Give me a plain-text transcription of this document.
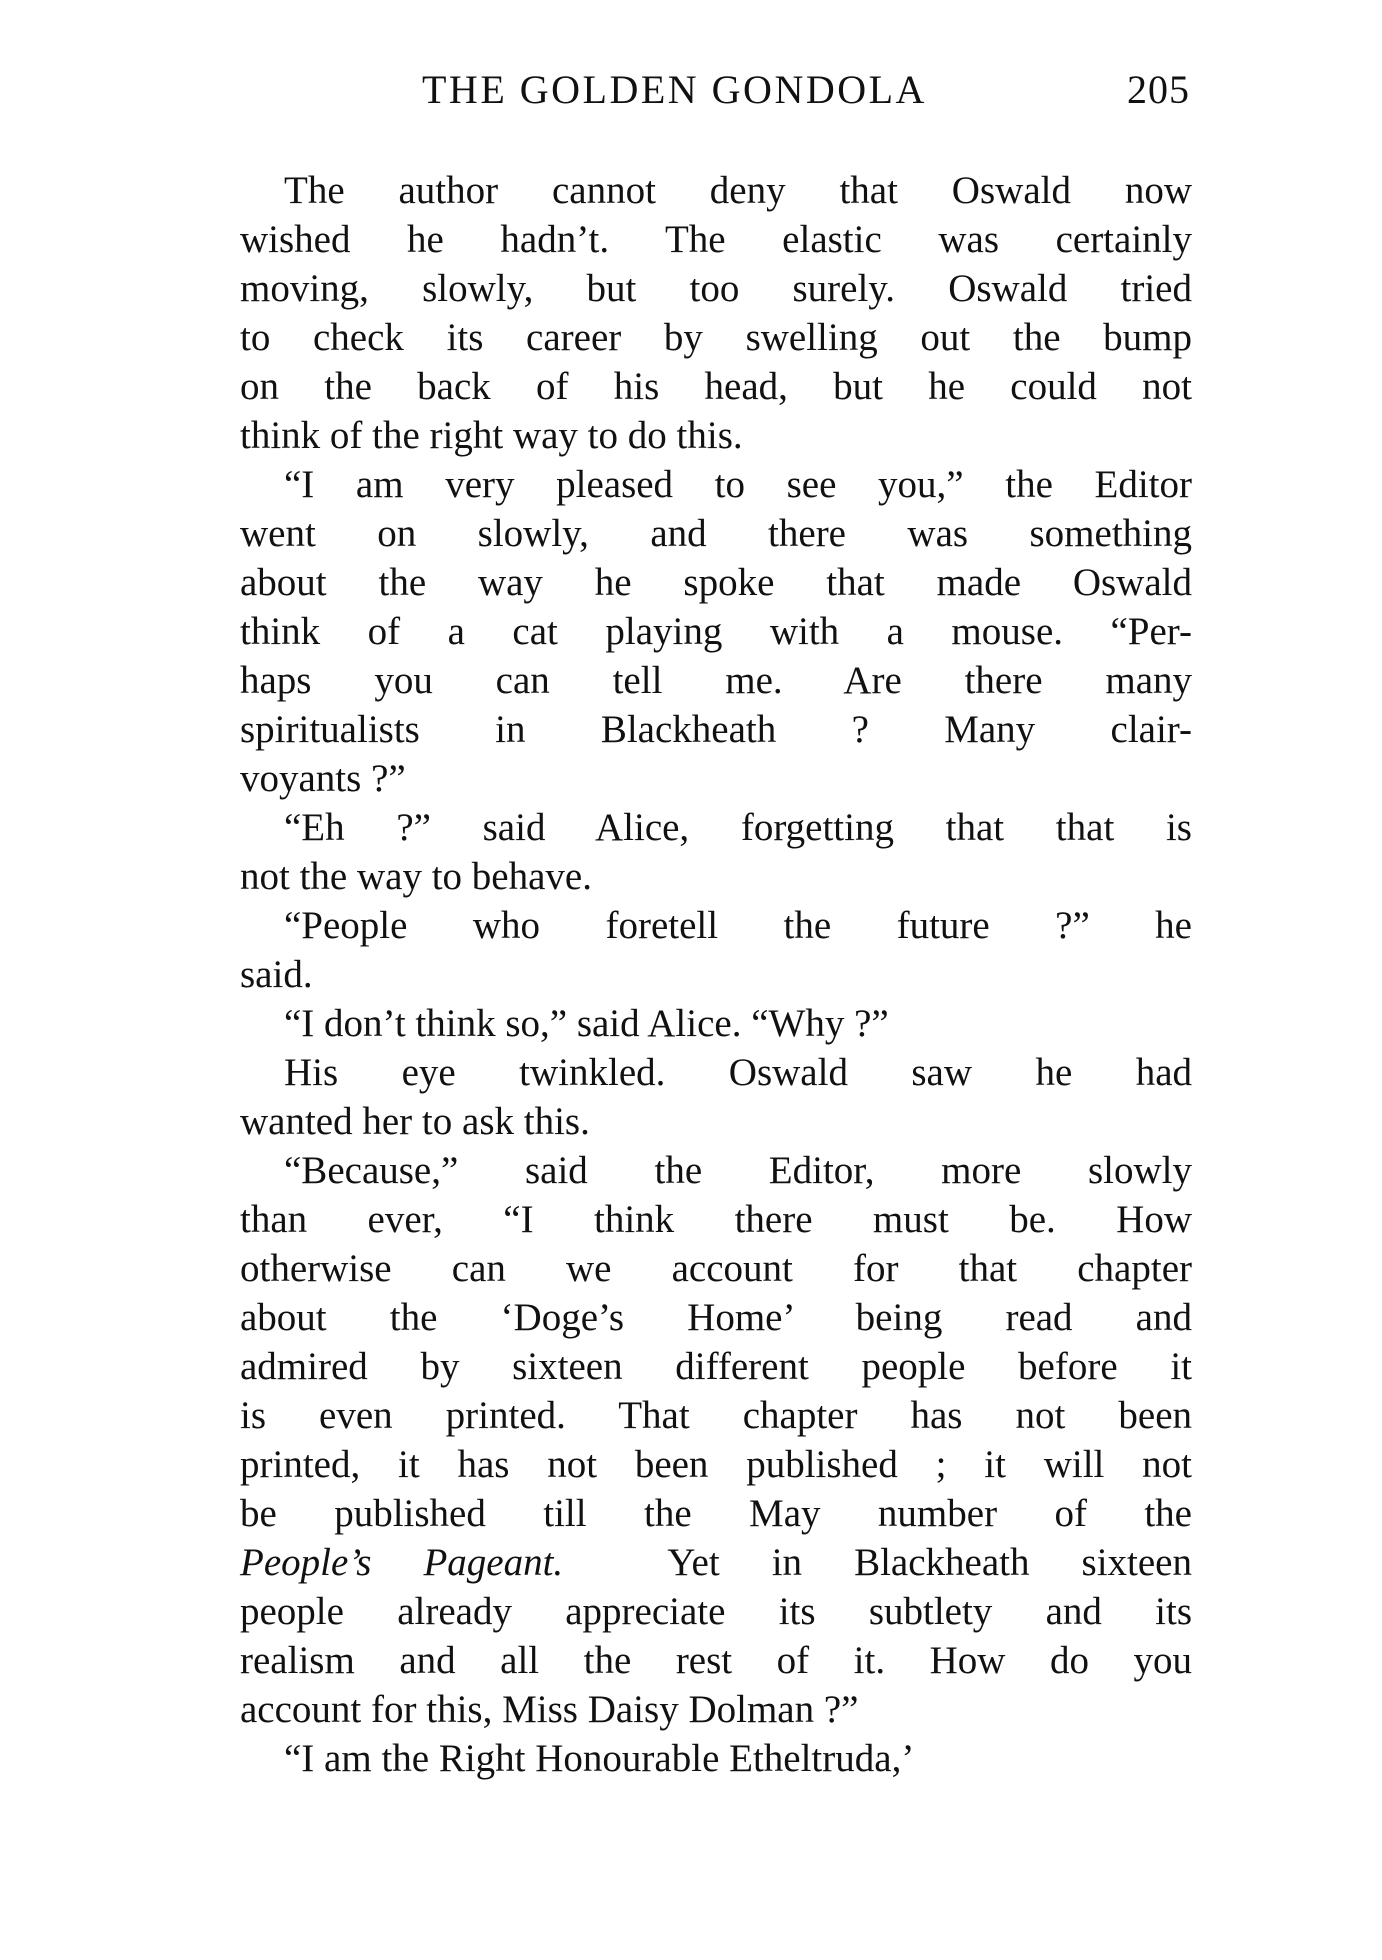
THE GOLDEN GONDOLA	205
The author cannot deny that Oswald now
wished he hadn’t. The elastic was certainly
moving, slowly, but too surely. Oswald tried
to check its career by swelling out the bump
on the back of his head, but he could not
think of the right way to do this.
“I am very pleased to see you,” the Editor
went on slowly, and there was something
about the way he spoke that made Oswald
think of a cat playing with a mouse. “Per-
haps you can tell me. Are there many
spiritualists in Blackheath ? Many clair-
voyants ?”
“Eh ?” said Alice, forgetting that that is
not the way to behave.
“People who foretell the future ?” he
said.
“I don’t think so,” said Alice. “Why ?”
His eye twinkled. Oswald saw he had
wanted her to ask this.
“Because,” said the Editor, more slowly
than ever, “I think there must be. How
otherwise can we account for that chapter
about the ‘Doge’s Home’ being read and
admired by sixteen different people before it
is even printed. That chapter has not been
printed, it has not been published ; it will not
be published till the May number of the
People’s Pageant.	Yet in Blackheath sixteen
people already appreciate its subtlety and its
realism and all the rest of it. How do you
account for this, Miss Daisy Dolman ?”
“I am the Right Honourable Etheltruda,’
